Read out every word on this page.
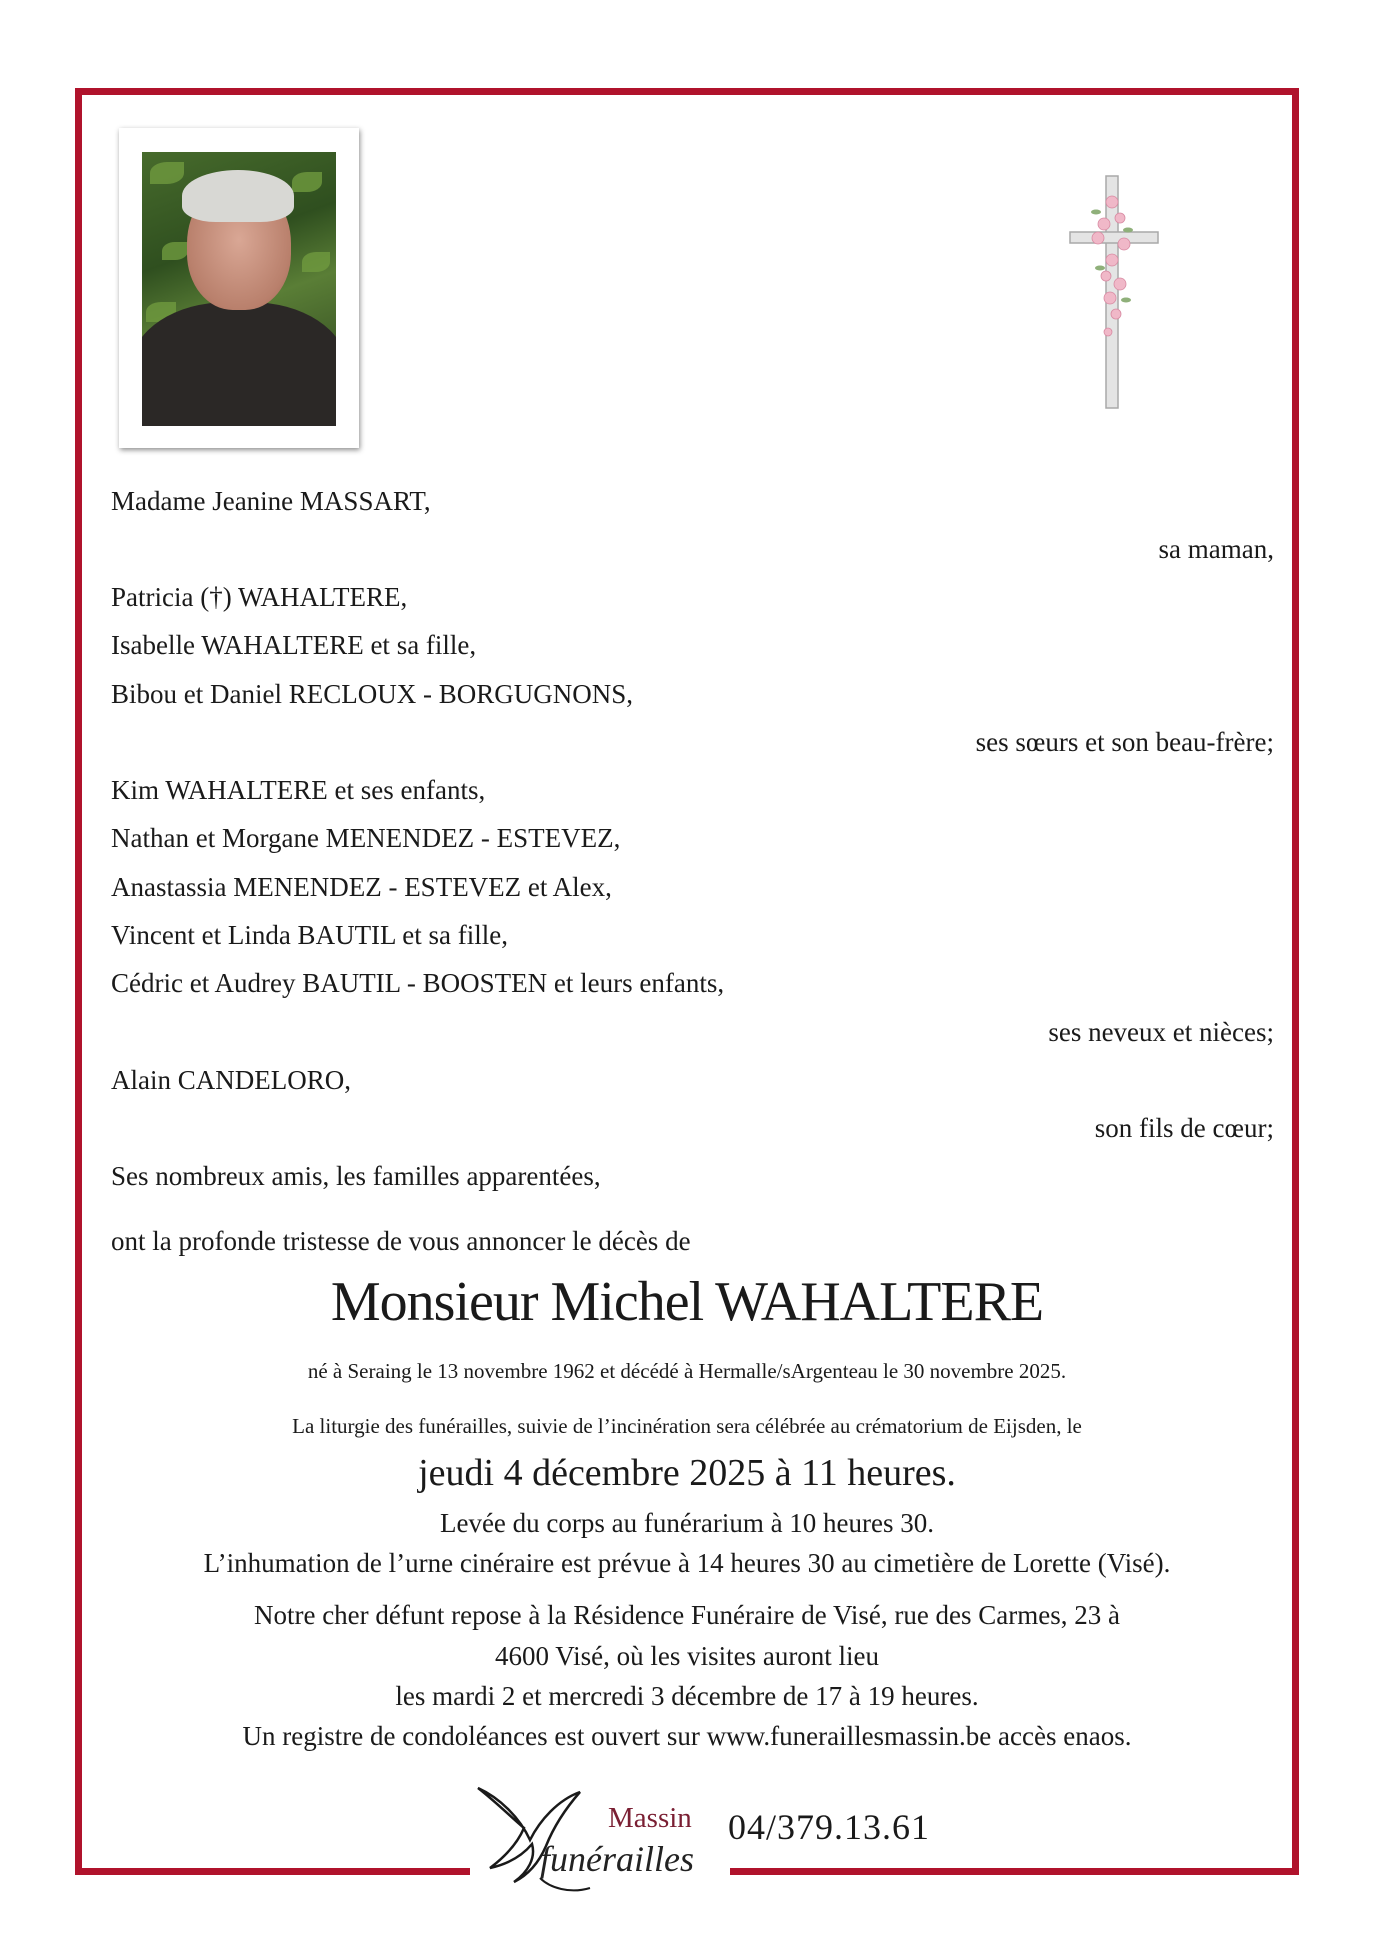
Madame Jeanine MASSART,
sa maman,
Patricia (†) WAHALTERE,
Isabelle WAHALTERE et sa fille,
Bibou et Daniel RECLOUX - BORGUGNONS,
ses sœurs et son beau-frère;
Kim WAHALTERE et ses enfants,
Nathan et Morgane MENENDEZ - ESTEVEZ,
Anastassia MENENDEZ - ESTEVEZ et Alex,
Vincent et Linda BAUTIL et sa fille,
Cédric et Audrey BAUTIL - BOOSTEN et leurs enfants,
ses neveux et nièces;
Alain CANDELORO,
son fils de cœur;
Ses nombreux amis, les familles apparentées,
ont la profonde tristesse de vous annoncer le décès de
Monsieur Michel WAHALTERE
né à Seraing le 13 novembre 1962 et décédé à Hermalle/sArgenteau le 30 novembre 2025.
La liturgie des funérailles, suivie de l’incinération sera célébrée au crématorium de Eijsden, le
jeudi 4 décembre 2025 à 11 heures.
Levée du corps au funérarium à 10 heures 30.
L’inhumation de l’urne cinéraire est prévue à 14 heures 30 au cimetière de Lorette (Visé).
Notre cher défunt repose à la Résidence Funéraire de Visé, rue des Carmes, 23 à
4600 Visé, où les visites auront lieu
les mardi 2 et mercredi 3 décembre de 17 à 19 heures.
Un registre de condoléances est ouvert sur www.funeraillesmassin.be accès enaos.
Massin
funérailles
04/379.13.61
